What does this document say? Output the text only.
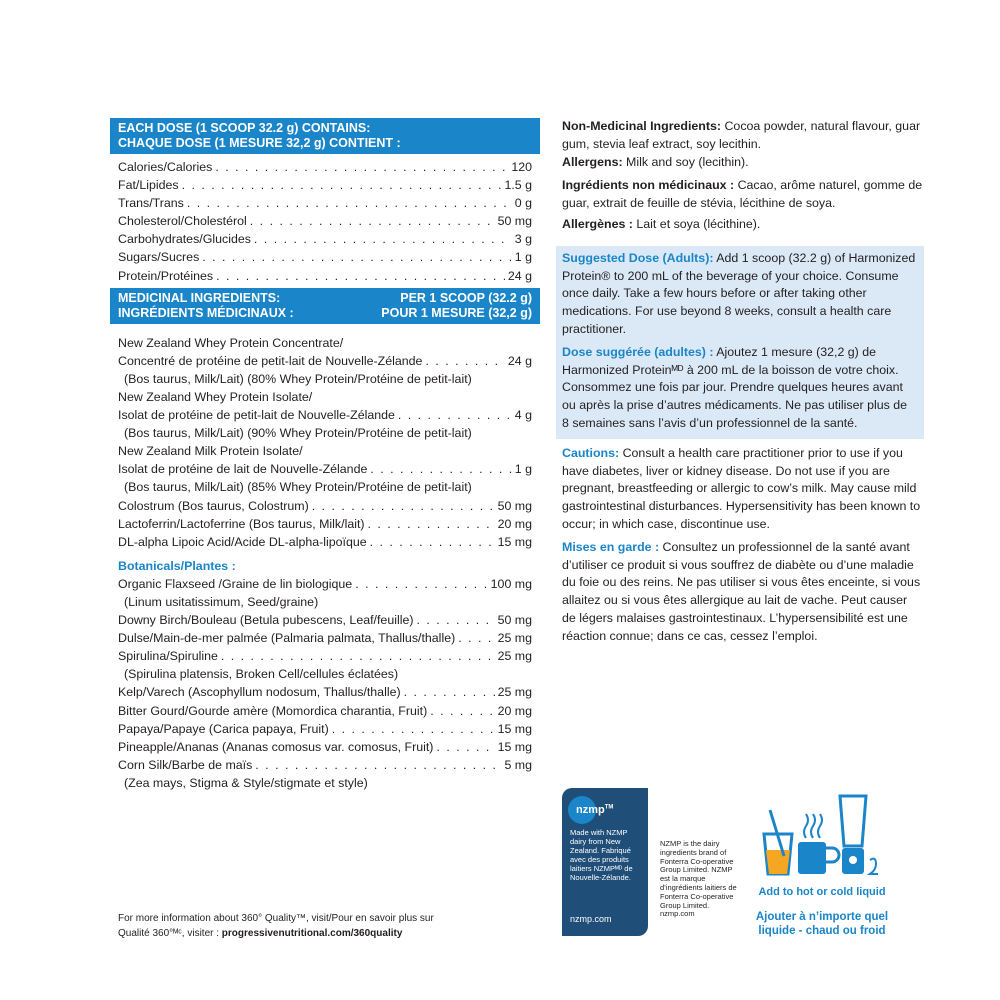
EACH DOSE (1 SCOOP 32.2 g) CONTAINS:
CHAQUE DOSE (1 MESURE 32,2 g) CONTIENT :
Calories/Calories . . .	120
Fat/Lipides . . .	1.5 g
Trans/Trans . . .	0 g
Cholesterol/Cholestérol . . .	50 mg
Carbohydrates/Glucides . . .	3 g
Sugars/Sucres . . .	1 g
Protein/Protéines . . .	24 g
MEDICINAL INGREDIENTS:	PER 1 SCOOP (32.2 g)
INGRÉDIENTS MÉDICINAUX :	POUR 1 MESURE (32,2 g)
New Zealand Whey Protein Concentrate/
Concentré de protéine de petit-lait de Nouvelle-Zélande . . .	24 g
(Bos taurus, Milk/Lait) (80% Whey Protein/Protéine de petit-lait)
New Zealand Whey Protein Isolate/
Isolat de protéine de petit-lait de Nouvelle-Zélande . . .	4 g
(Bos taurus, Milk/Lait) (90% Whey Protein/Protéine de petit-lait)
New Zealand Milk Protein Isolate/
Isolat de protéine de lait de Nouvelle-Zélande . . .	1 g
(Bos taurus, Milk/Lait) (85% Whey Protein/Protéine de petit-lait)
Colostrum (Bos taurus, Colostrum) . . .	50 mg
Lactoferrin/Lactoferrine (Bos taurus, Milk/lait) . . .	20 mg
DL-alpha Lipoic Acid/Acide DL-alpha-lipoïque . . .	15 mg
Botanicals/Plantes :
Organic Flaxseed /Graine de lin biologique . . .	100 mg
(Linum usitatissimum, Seed/graine)
Downy Birch/Bouleau (Betula pubescens, Leaf/feuille) . . .	50 mg
Dulse/Main-de-mer palmée (Palmaria palmata, Thallus/thalle) . . .	25 mg
Spirulina/Spiruline . . .	25 mg
(Spirulina platensis, Broken Cell/cellules éclatées)
Kelp/Varech (Ascophyllum nodosum, Thallus/thalle) . . .	25 mg
Bitter Gourd/Gourde amère (Momordica charantia, Fruit) . . .	20 mg
Papaya/Papaye (Carica papaya, Fruit) . . .	15 mg
Pineapple/Ananas (Ananas comosus var. comosus, Fruit) . . .	15 mg
Corn Silk/Barbe de maïs . . .	5 mg
(Zea mays, Stigma & Style/stigmate et style)
For more information about 360° Quality™, visit/Pour en savoir plus sur
Qualité 360°ᴹᶜ, visiter : progressivenutritional.com/360quality

Non-Medicinal Ingredients: Cocoa powder, natural flavour, guar gum, stevia leaf extract, soy lecithin.

Allergens: Milk and soy (lecithin).

Ingrédients non médicinaux : Cacao, arôme naturel, gomme de guar, extrait de feuille de stévia, lécithine de soya.

Allergènes : Lait et soya (lécithine).

Suggested Dose (Adults): Add 1 scoop (32.2 g) of Harmonized Protein® to 200 mL of the beverage of your choice. Consume once daily. Take a few hours before or after taking other medications. For use beyond 8 weeks, consult a health care practitioner.

Dose suggérée (adultes) : Ajoutez 1 mesure (32,2 g) de Harmonized Proteinᴹᴰ à 200 mL de la boisson de votre choix. Consommez une fois par jour. Prendre quelques heures avant ou après la prise d’autres médicaments. Ne pas utiliser plus de 8 semaines sans l’avis d’un professionnel de la santé.

Cautions: Consult a health care practitioner prior to use if you have diabetes, liver or kidney disease. Do not use if you are pregnant, breastfeeding or allergic to cow’s milk. May cause mild gastrointestinal disturbances. Hypersensitivity has been known to occur; in which case, discontinue use.

Mises en garde : Consultez un professionnel de la santé avant d’utiliser ce produit si vous souffrez de diabète ou d’une maladie du foie ou des reins. Ne pas utiliser si vous êtes enceinte, si vous allaitez ou si vous êtes allergique au lait de vache. Peut causer de légers malaises gastrointestinaux. L’hypersensibilité est une réaction connue; dans ce cas, cessez l’emploi.

nzmp™
Made with NZMP dairy from New Zealand. Fabriqué avec des produits laitiers NZMPᴹᴰ de Nouvelle-Zélande.
nzmp.com
NZMP is the dairy ingredients brand of Fonterra Co-operative Group Limited. NZMP est la marque d’ingrédients laitiers de Fonterra Co-operative Group Limited. nzmp.com
Add to hot or cold liquid
Ajouter à n’importe quel liquide - chaud ou froid
